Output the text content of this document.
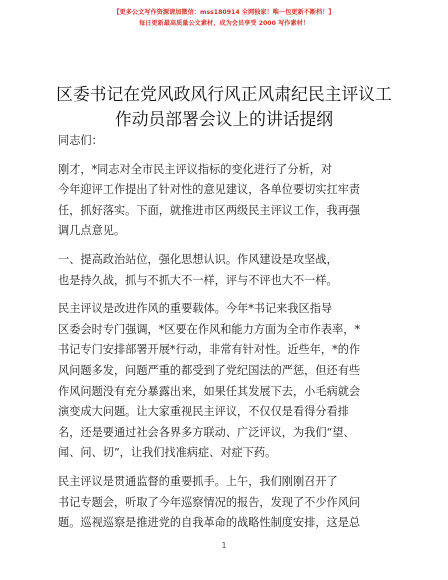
【更多公文写作资源请加微信：mss180914 全网独家！唯一包更新不断档！】
每日更新最高质量公文素材，成为会员享受 2000 写作素材！
区委书记在党风政风行风正风肃纪民主评议工
作动员部署会议上的讲话提纲
同志们：
刚才，*同志对全市民主评议指标的变化进行了分析，对
今年迎评工作提出了针对性的意见建议，各单位要切实扛牢责
任，抓好落实。下面，就推进市区两级民主评议工作，我再强
调几点意见。
一、提高政治站位，强化思想认识。作风建设是攻坚战，
也是持久战，抓与不抓大不一样，评与不评也大不一样。
民主评议是改进作风的重要载体。今年*书记来我区指导
区委会时专门强调，*区要在作风和能力方面为全市作表率，*
书记专门安排部署开展*行动，非常有针对性。近些年，*的作
风问题多发，问题严重的都受到了党纪国法的严惩，但还有些
作风问题没有充分暴露出来，如果任其发展下去，小毛病就会
演变成大问题。让大家重视民主评议，不仅仅是看得分看排
名，还是要通过社会各界多方联动、广泛评议，为我们“望、
闻、问、切”，让我们找准病症、对症下药。
民主评议是贯通监督的重要抓手。上午，我们刚刚召开了
书记专题会，听取了今年巡察情况的报告，发现了不少作风问
题。巡视巡察是推进党的自我革命的战略性制度安排，这是总
1
